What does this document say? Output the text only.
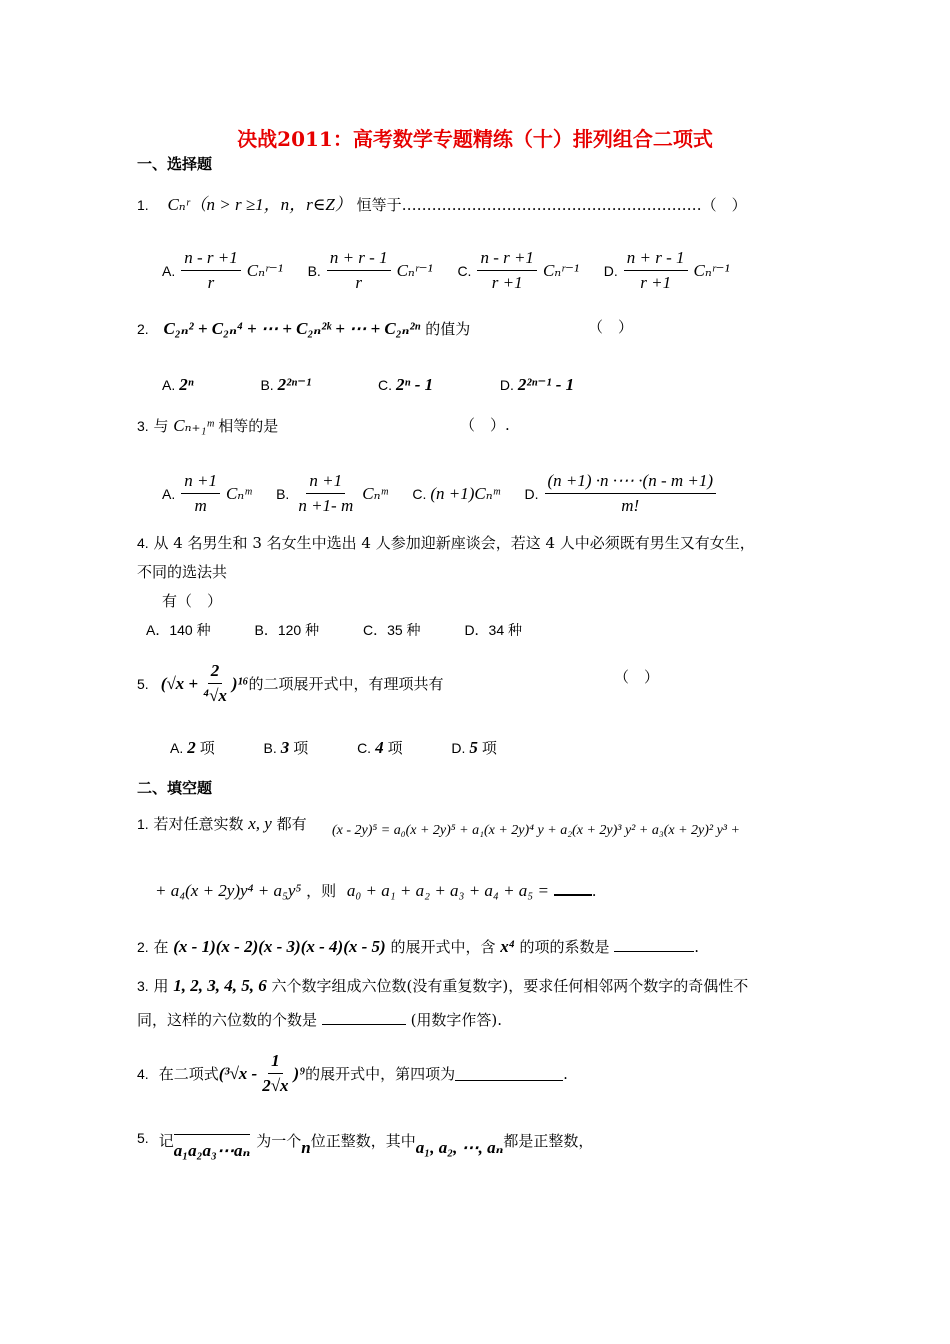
决战2011：高考数学专题精练（十）排列组合二项式
一、选择题
1. Cₙʳ（n > r ≥1，n，r∈Z） 恒等于……………………………………………………（　）
A. $\frac{n - r +1}{r}$ Cₙʳ⁻¹
B. $\frac{n + r - 1}{r}$ Cₙʳ⁻¹
C. $\frac{n - r +1}{r +1}$ Cₙʳ⁻¹
D. $\frac{n + r - 1}{r +1}$ Cₙʳ⁻¹
2. C₂ₙ² + C₂ₙ⁴ + ⋯ + C₂ₙ²ᵏ + ⋯ + C₂ₙ²ⁿ 的值为	（　）
A. 2ⁿ
	B. 2²ⁿ⁻¹
	C. 2ⁿ - 1
	D. 2²ⁿ⁻¹ - 1
3. 与 Cₙ₊₁ᵐ 相等的是	（　）.
A. $\frac{n +1}{m}$ Cₙᵐ
B. $\frac{n +1}{n +1- m}$ Cₙᵐ
C. (n +1)Cₙᵐ
D. $\frac{(n +1) \cdot n \cdot\cdots \cdot(n - m +1)}{m!}$
4. 从 4 名男生和 3 名女生中选出 4 人参加迎新座谈会，若这 4 人中必须既有男生又有女生，
不同的选法共
有（　）
A．140 种	B．120 种	C．35 种	D．34 种
5. $(√x + \frac{2}{\text{⁴√x}} )^{16}$ 的二项展开式中，有理项共有	（　）
A. 2 项
	B. 3 项
	C. 4 项
	D. 5 项
二、填空题
1. 若对任意实数 x, y 都有 (x - 2y)⁵ = a₀(x + 2y)⁵ + a₁(x + 2y)⁴ y + a₂(x + 2y)³ y² + a₃(x + 2y)² y³ +
+ a₄(x + 2y)y⁴ + a₅y⁵ ，则 a₀ + a₁ + a₂ + a₃ + a₄ + a₅ =	.
2. 在 (x - 1)(x - 2)(x - 3)(x - 4)(x - 5) 的展开式中，含 x⁴ 的项的系数是	.
3. 用 1, 2, 3, 4, 5, 6 六个数字组成六位数(没有重复数字)，要求任何相邻两个数字的奇偶性不
同，这样的六位数的个数是	(用数字作答).
4. 在二项式 $(^3√x - \frac{1}{2√x} )^9$ 的展开式中，第四项为	.
5. 记 a₁a₂a₃⋯aₙ 为一个 n 位正整数，其中 a₁, a₂, ⋯, aₙ 都是正整数，
